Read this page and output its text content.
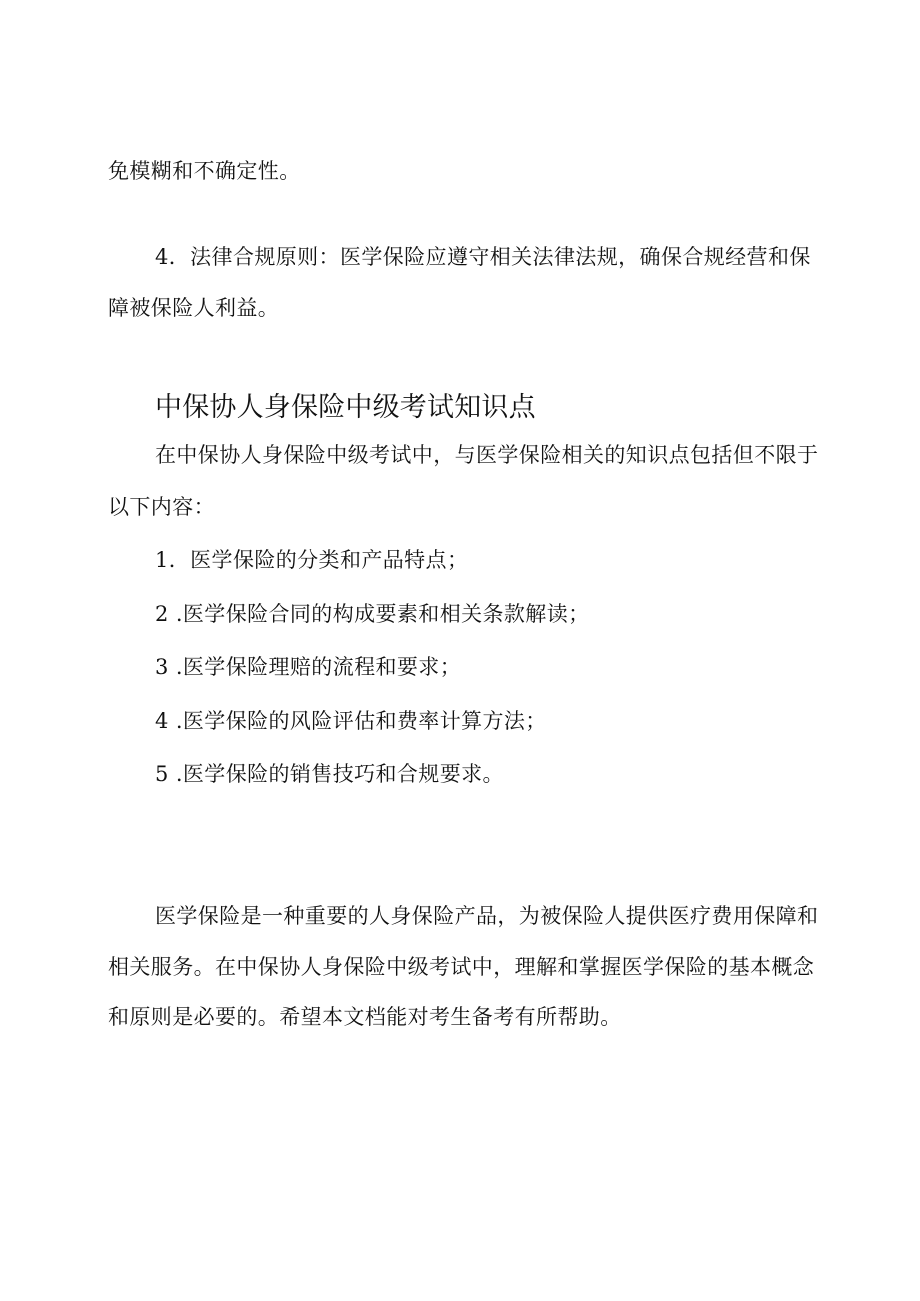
免模糊和不确定性。
4．法律合规原则：医学保险应遵守相关法律法规，确保合规经营和保
障被保险人利益。
中保协人身保险中级考试知识点
在中保协人身保险中级考试中，与医学保险相关的知识点包括但不限于
以下内容：
1．医学保险的分类和产品特点；
2 .医学保险合同的构成要素和相关条款解读；
3 .医学保险理赔的流程和要求；
4 .医学保险的风险评估和费率计算方法；
5 .医学保险的销售技巧和合规要求。
医学保险是一种重要的人身保险产品，为被保险人提供医疗费用保障和
相关服务。在中保协人身保险中级考试中，理解和掌握医学保险的基本概念
和原则是必要的。希望本文档能对考生备考有所帮助。
